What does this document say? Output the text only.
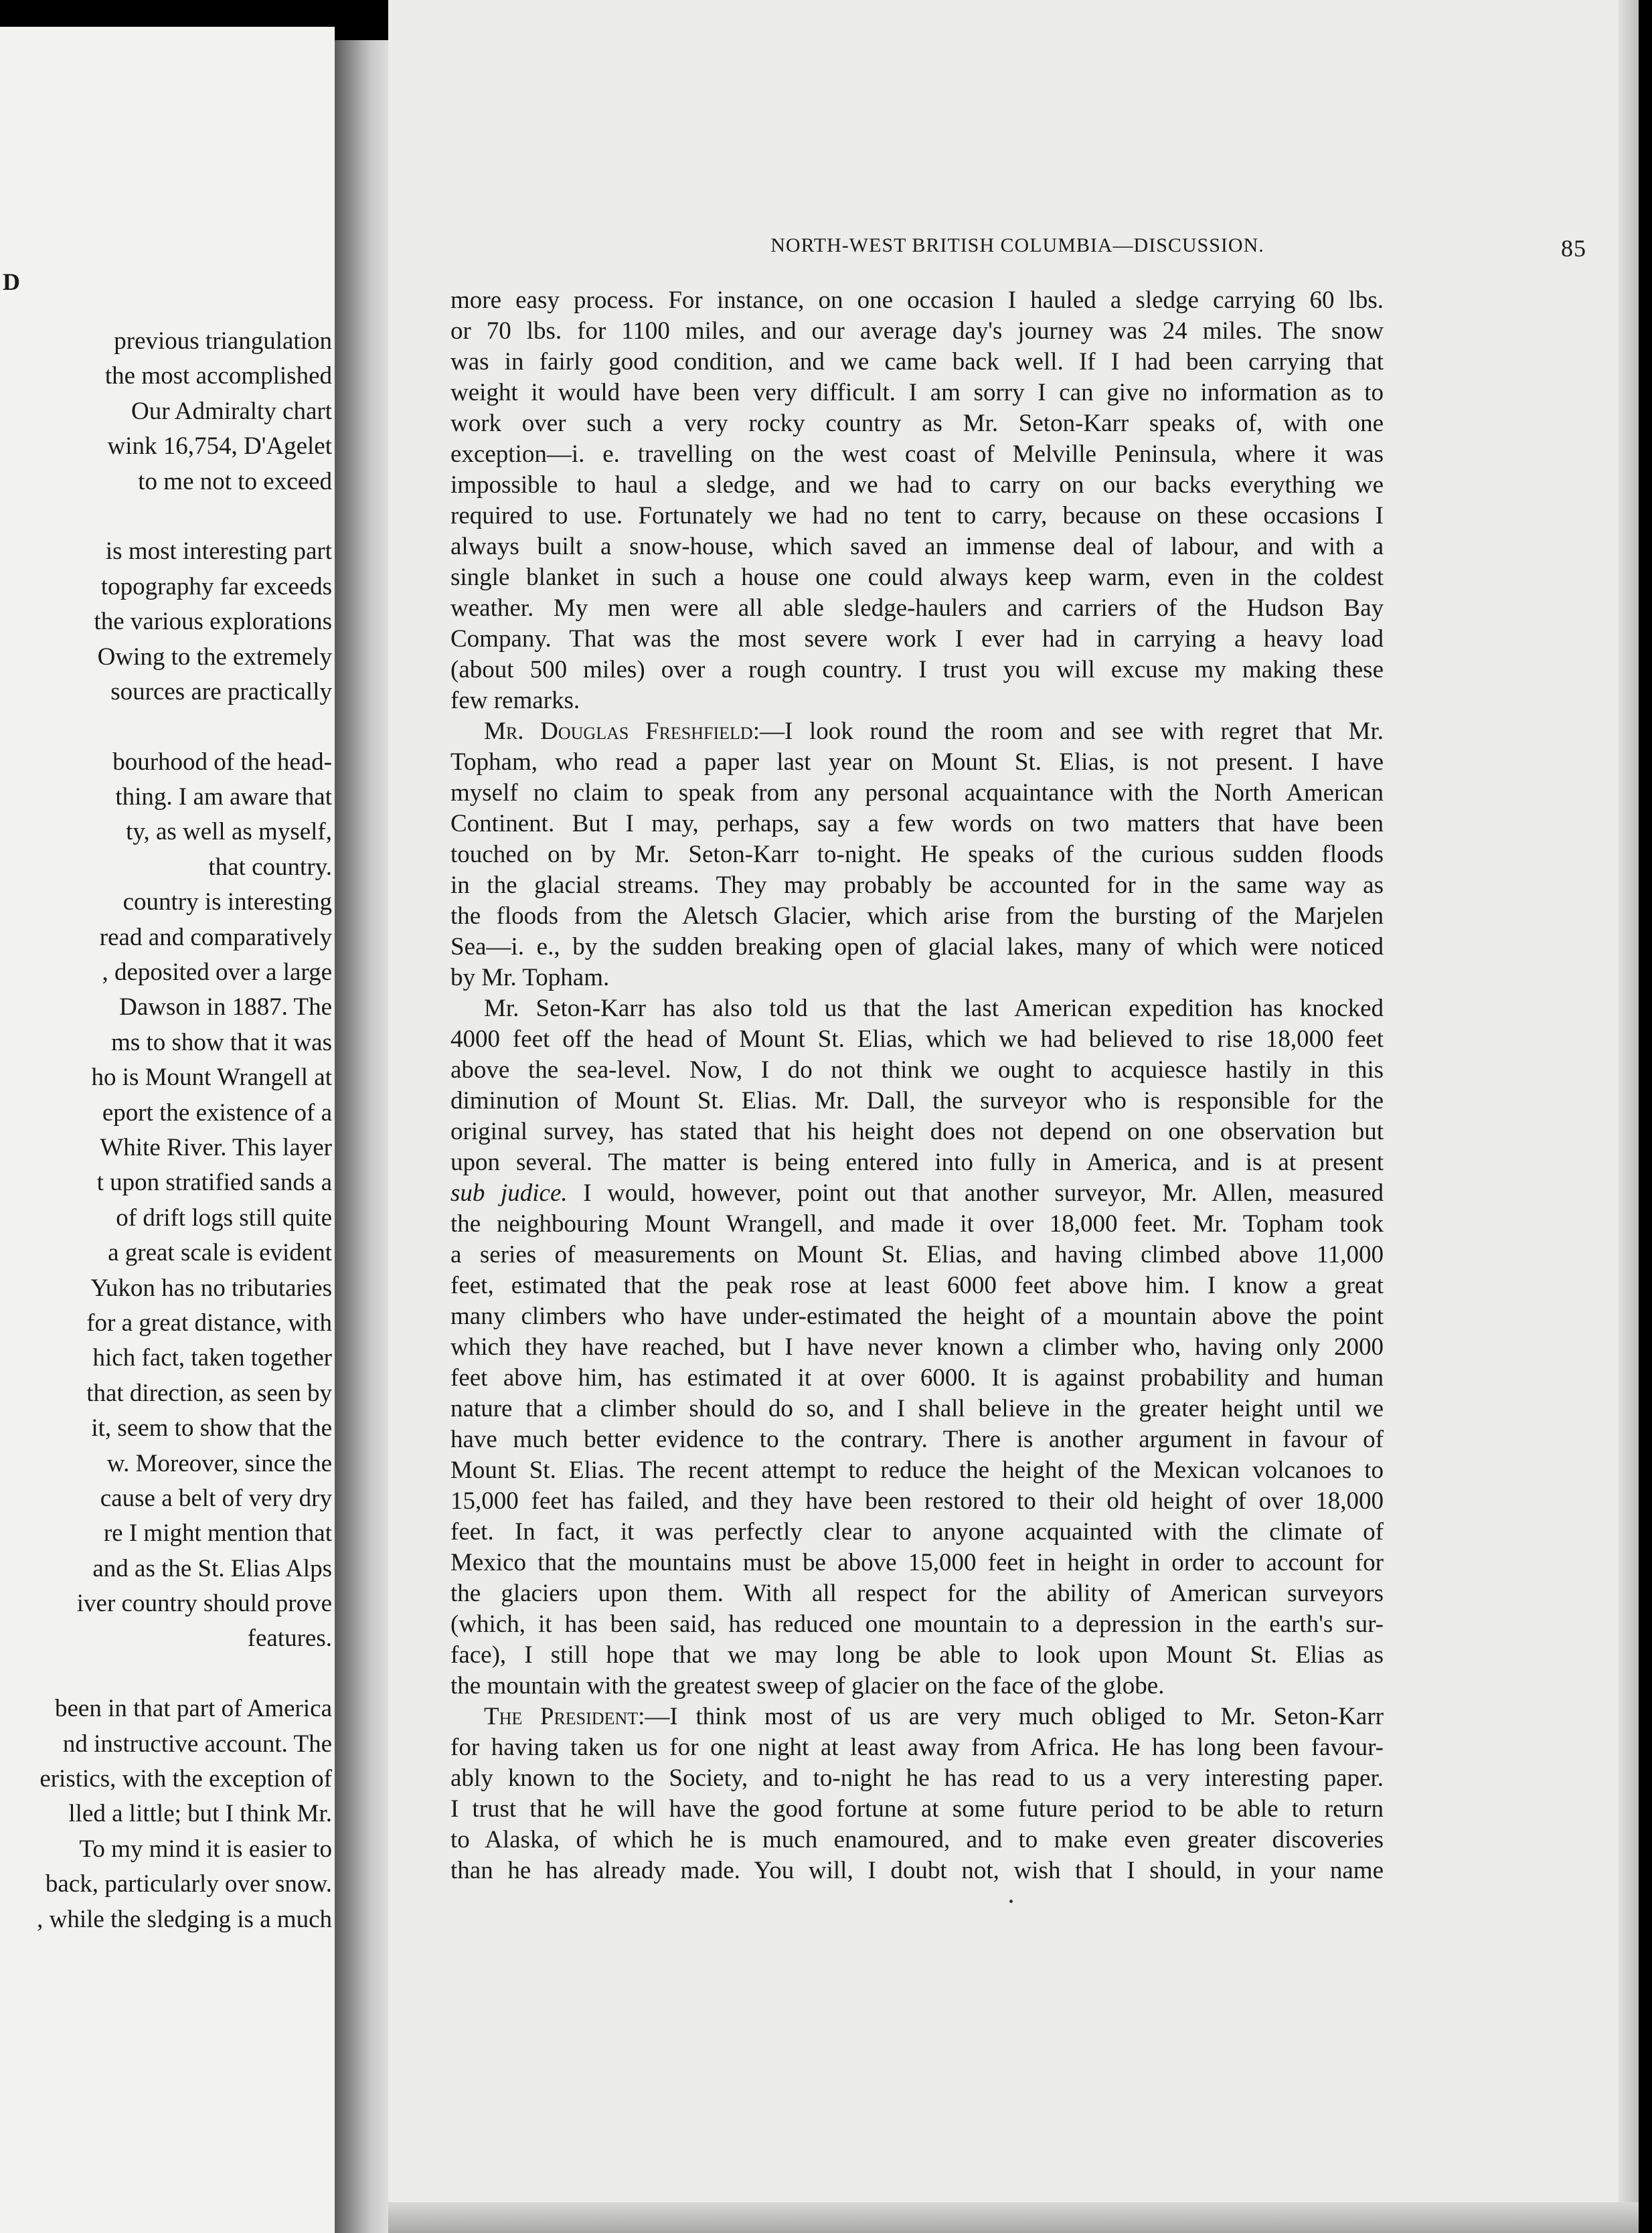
D
previous triangulation
the most accomplished
Our Admiralty chart
wink 16,754, D'Agelet
to me not to exceed
is most interesting part
topography far exceeds
the various explorations
Owing to the extremely
sources are practically
bourhood of the head-
thing. I am aware that
ty, as well as myself,
that country.
country is interesting
read and comparatively
, deposited over a large
Dawson in 1887. The
ms to show that it was
ho is Mount Wrangell at
eport the existence of a
White River. This layer
t upon stratified sands a
of drift logs still quite
a great scale is evident
Yukon has no tributaries
for a great distance, with
hich fact, taken together
that direction, as seen by
it, seem to show that the
w. Moreover, since the
cause a belt of very dry
re I might mention that
and as the St. Elias Alps
iver country should prove
features.
been in that part of America
nd instructive account. The
eristics, with the exception of
lled a little; but I think Mr.
To my mind it is easier to
back, particularly over snow.
, while the sledging is a much
NORTH-WEST BRITISH COLUMBIA—DISCUSSION.	85
more easy process. For instance, on one occasion I hauled a sledge carrying 60 lbs.
or 70 lbs. for 1100 miles, and our average day's journey was 24 miles. The snow
was in fairly good condition, and we came back well. If I had been carrying that
weight it would have been very difficult. I am sorry I can give no information as to
work over such a very rocky country as Mr. Seton-Karr speaks of, with one
exception—i. e. travelling on the west coast of Melville Peninsula, where it was
impossible to haul a sledge, and we had to carry on our backs everything we
required to use. Fortunately we had no tent to carry, because on these occasions I
always built a snow-house, which saved an immense deal of labour, and with a
single blanket in such a house one could always keep warm, even in the coldest
weather. My men were all able sledge-haulers and carriers of the Hudson Bay
Company. That was the most severe work I ever had in carrying a heavy load
(about 500 miles) over a rough country. I trust you will excuse my making these
few remarks.
Mr. Douglas Freshfield:—I look round the room and see with regret that Mr.
Topham, who read a paper last year on Mount St. Elias, is not present. I have
myself no claim to speak from any personal acquaintance with the North American
Continent. But I may, perhaps, say a few words on two matters that have been
touched on by Mr. Seton-Karr to-night. He speaks of the curious sudden floods
in the glacial streams. They may probably be accounted for in the same way as
the floods from the Aletsch Glacier, which arise from the bursting of the Marjelen
Sea—i. e., by the sudden breaking open of glacial lakes, many of which were noticed
by Mr. Topham.
Mr. Seton-Karr has also told us that the last American expedition has knocked
4000 feet off the head of Mount St. Elias, which we had believed to rise 18,000 feet
above the sea-level. Now, I do not think we ought to acquiesce hastily in this
diminution of Mount St. Elias. Mr. Dall, the surveyor who is responsible for the
original survey, has stated that his height does not depend on one observation but
upon several. The matter is being entered into fully in America, and is at present
sub judice. I would, however, point out that another surveyor, Mr. Allen, measured
the neighbouring Mount Wrangell, and made it over 18,000 feet. Mr. Topham took
a series of measurements on Mount St. Elias, and having climbed above 11,000
feet, estimated that the peak rose at least 6000 feet above him. I know a great
many climbers who have under-estimated the height of a mountain above the point
which they have reached, but I have never known a climber who, having only 2000
feet above him, has estimated it at over 6000. It is against probability and human
nature that a climber should do so, and I shall believe in the greater height until we
have much better evidence to the contrary. There is another argument in favour of
Mount St. Elias. The recent attempt to reduce the height of the Mexican volcanoes to
15,000 feet has failed, and they have been restored to their old height of over 18,000
feet. In fact, it was perfectly clear to anyone acquainted with the climate of
Mexico that the mountains must be above 15,000 feet in height in order to account for
the glaciers upon them. With all respect for the ability of American surveyors
(which, it has been said, has reduced one mountain to a depression in the earth's sur-
face), I still hope that we may long be able to look upon Mount St. Elias as
the mountain with the greatest sweep of glacier on the face of the globe.
The President:—I think most of us are very much obliged to Mr. Seton-Karr
for having taken us for one night at least away from Africa. He has long been favour-
ably known to the Society, and to-night he has read to us a very interesting paper.
I trust that he will have the good fortune at some future period to be able to return
to Alaska, of which he is much enamoured, and to make even greater discoveries
than he has already made. You will, I doubt not, wish that I should, in your name
